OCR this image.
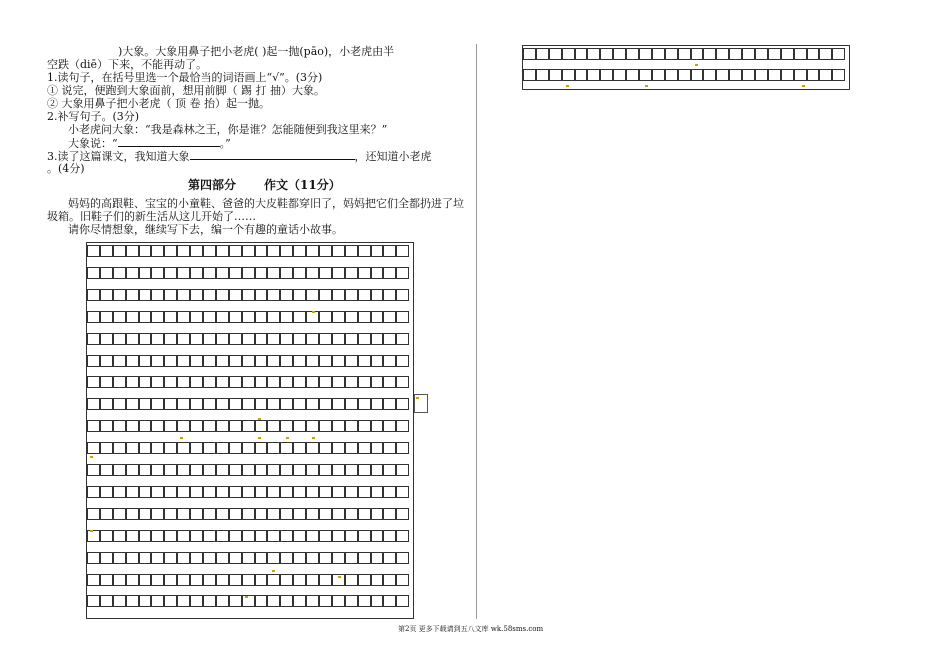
)大象。大象用鼻子把小老虎( )起一抛(pāo)，小老虎由半
空跌（diē）下来，不能再动了。
1.读句子，在括号里选一个最恰当的词语画上“√”。(3分)
① 说完，便跑到大象面前，想用前脚（ 踢 打 抽）大象。
② 大象用鼻子把小老虎（ 顶 卷 抬）起一抛。
2.补写句子。(3分)
小老虎问大象：“我是森林之王，你是谁？怎能随便到我这里来？”
大象说：“	。”
3.读了这篇课文，我知道大象	，还知道小老虎
。(4分)
第四部分 作文（11分）
妈妈的高跟鞋、宝宝的小童鞋、爸爸的大皮鞋都穿旧了，妈妈把它们全都扔进了垃
圾箱。旧鞋子们的新生活从这儿开始了……
请你尽情想象，继续写下去，编一个有趣的童话小故事。
第2页 更多下载请到五八文库 wk.58sms.com
